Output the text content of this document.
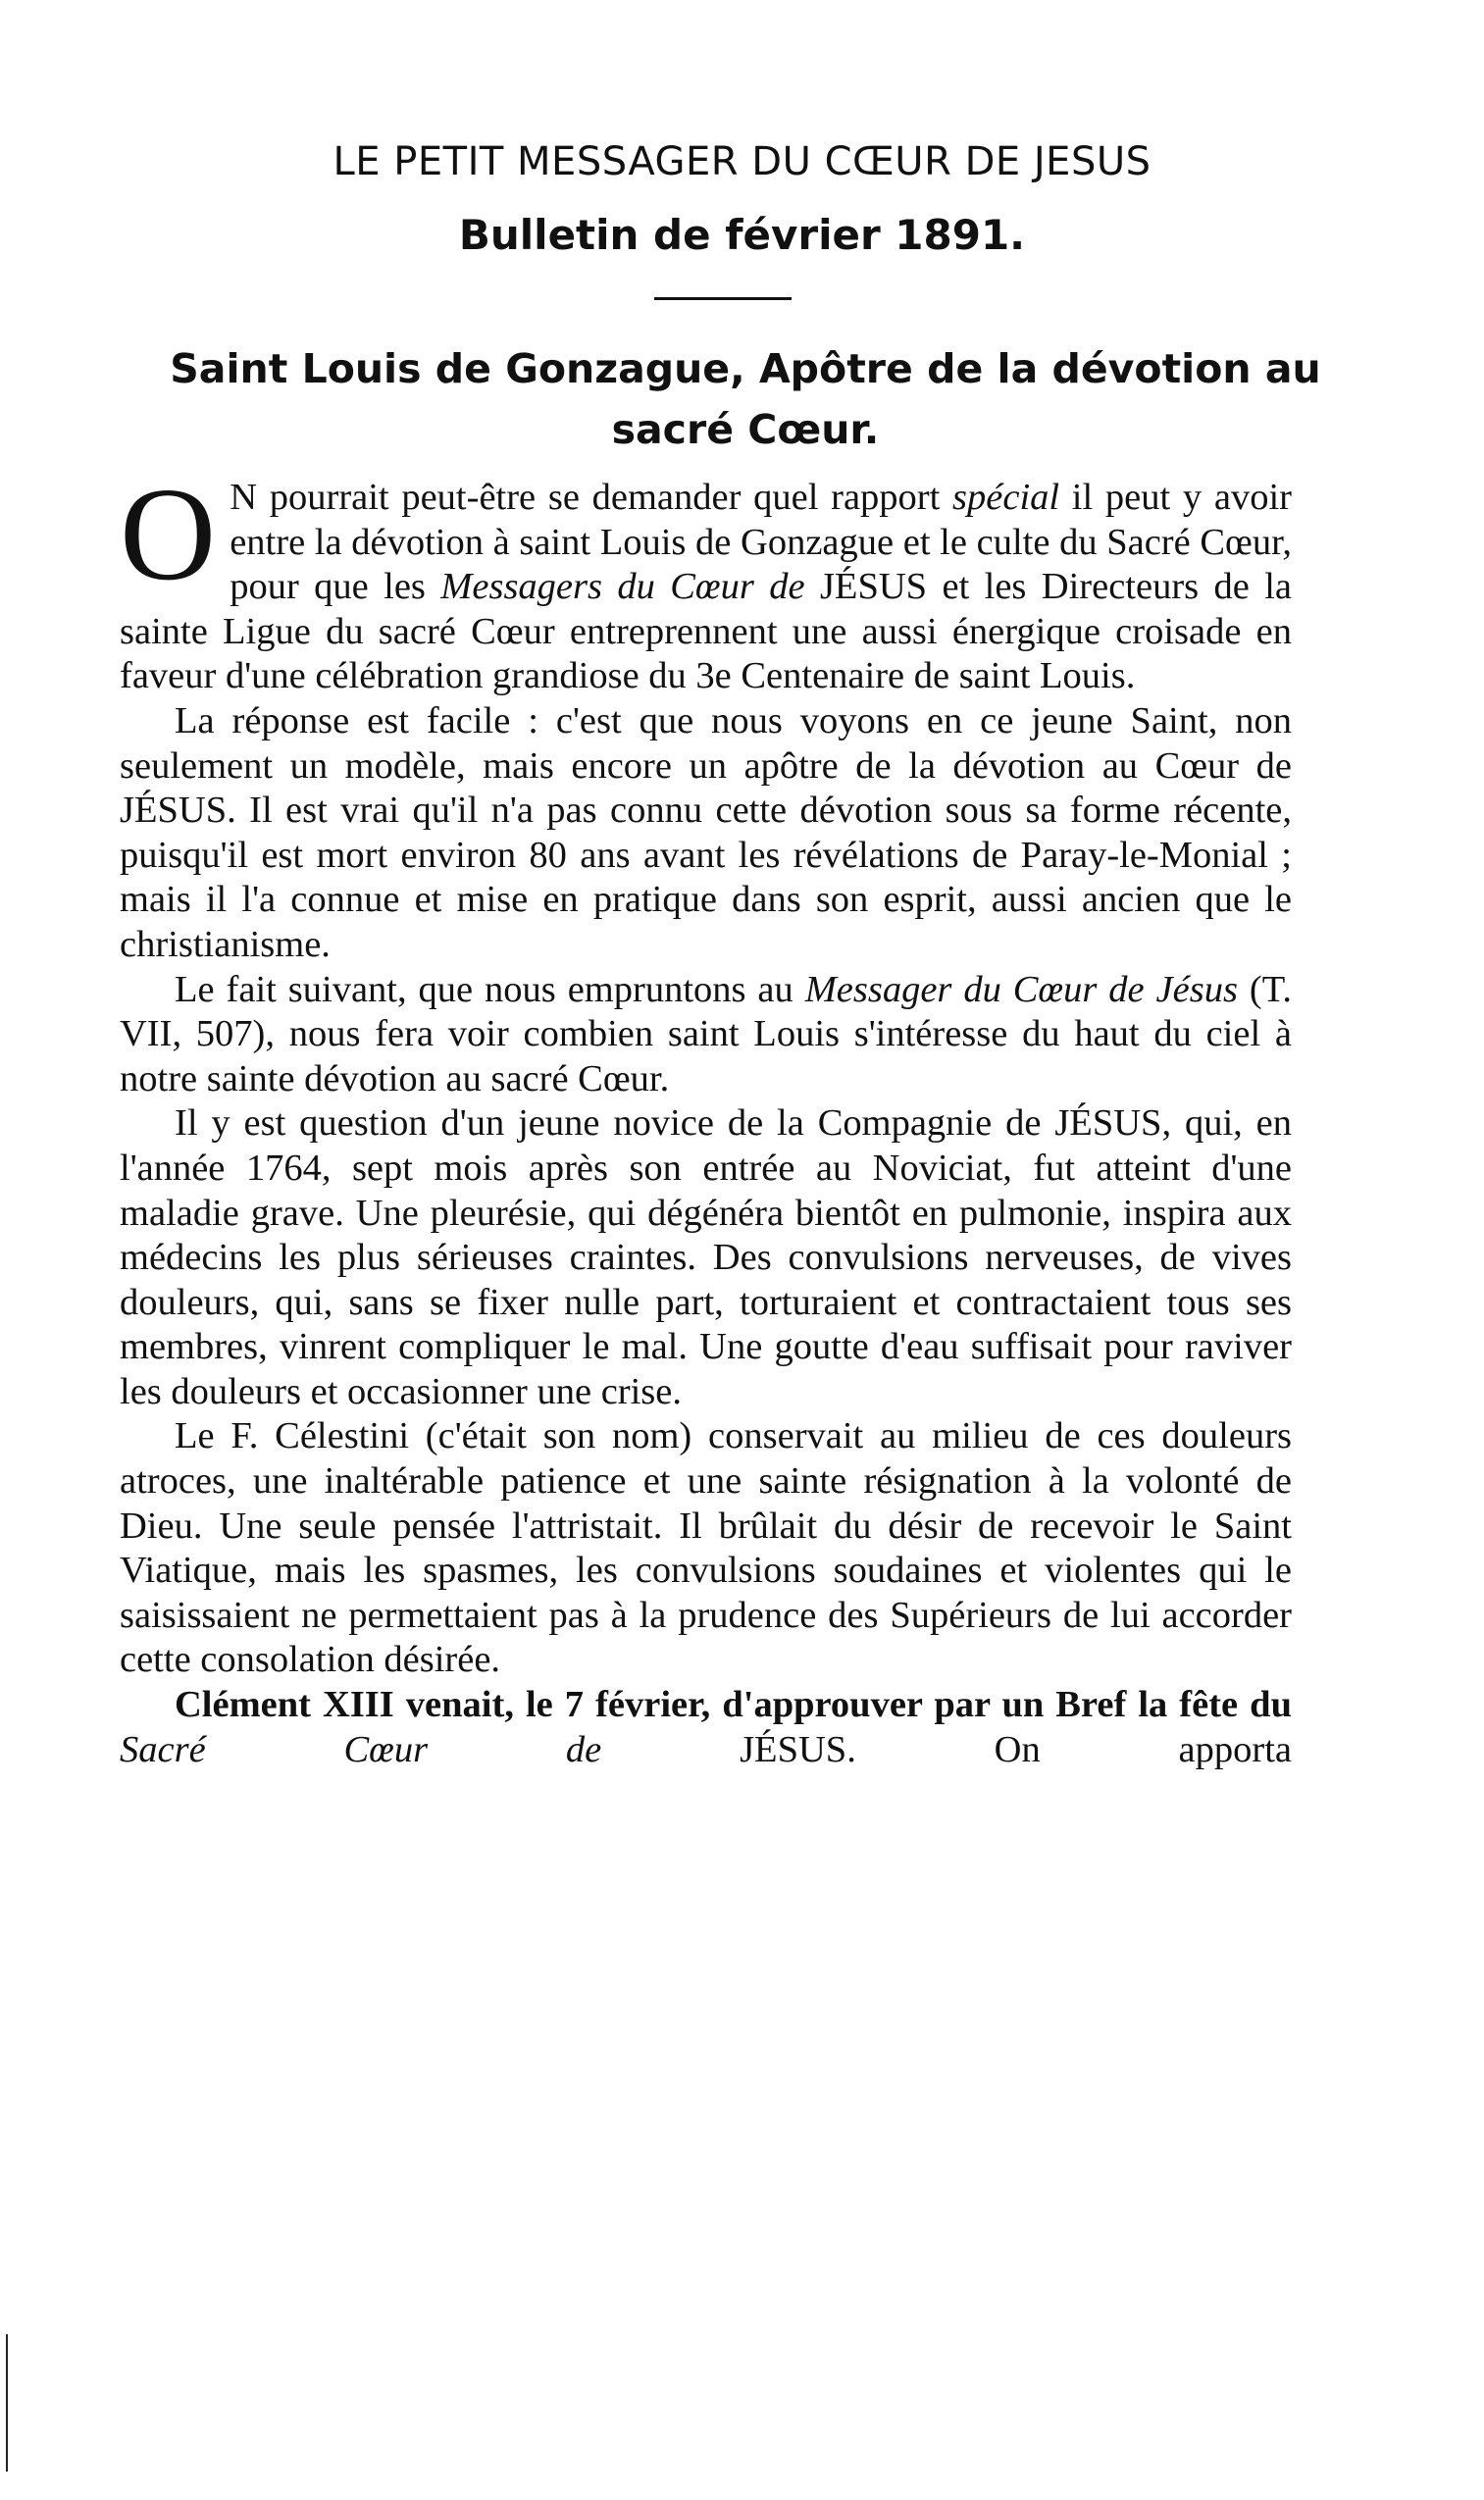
LE PETIT MESSAGER DU CŒUR DE JESUS
Bulletin de février 1891.
Saint Louis de Gonzague, Apôtre de la dévotion au sacré Cœur.

O N pourrait peut-être se demander quel rapport spécial il peut y avoir entre la dévotion à saint Louis de Gonzague et le culte du Sacré Cœur, pour que les Messagers du Cœur de JÉSUS et les Directeurs de la sainte Ligue du sacré Cœur entreprennent une aussi énergique croisade en faveur d'une célébration grandiose du 3e Centenaire de saint Louis.

La réponse est facile : c'est que nous voyons en ce jeune Saint, non seulement un modèle, mais encore un apôtre de la dévotion au Cœur de JÉSUS. Il est vrai qu'il n'a pas connu cette dévotion sous sa forme récente, puisqu'il est mort environ 80 ans avant les révélations de Paray-le-Monial ; mais il l'a connue et mise en pratique dans son esprit, aussi ancien que le christianisme.

Le fait suivant, que nous empruntons au Messager du Cœur de Jésus (T. VII, 507), nous fera voir combien saint Louis s'intéresse du haut du ciel à notre sainte dévotion au sacré Cœur.

Il y est question d'un jeune novice de la Compagnie de JÉSUS, qui, en l'année 1764, sept mois après son entrée au Noviciat, fut atteint d'une maladie grave. Une pleurésie, qui dégénéra bientôt en pulmonie, inspira aux médecins les plus sérieuses craintes. Des convulsions nerveuses, de vives douleurs, qui, sans se fixer nulle part, torturaient et contractaient tous ses membres, vinrent compliquer le mal. Une goutte d'eau suffisait pour raviver les douleurs et occasionner une crise.

Le F. Célestini (c'était son nom) conservait au milieu de ces douleurs atroces, une inaltérable patience et une sainte résignation à la volonté de Dieu. Une seule pensée l'attristait. Il brûlait du désir de recevoir le Saint Viatique, mais les spasmes, les convulsions soudaines et violentes qui le saisissaient ne permettaient pas à la prudence des Supérieurs de lui accorder cette consolation désirée.

Clément XIII venait, le 7 février, d'approuver par un Bref la fête du Sacré Cœur de	JÉSUS. On apporta
